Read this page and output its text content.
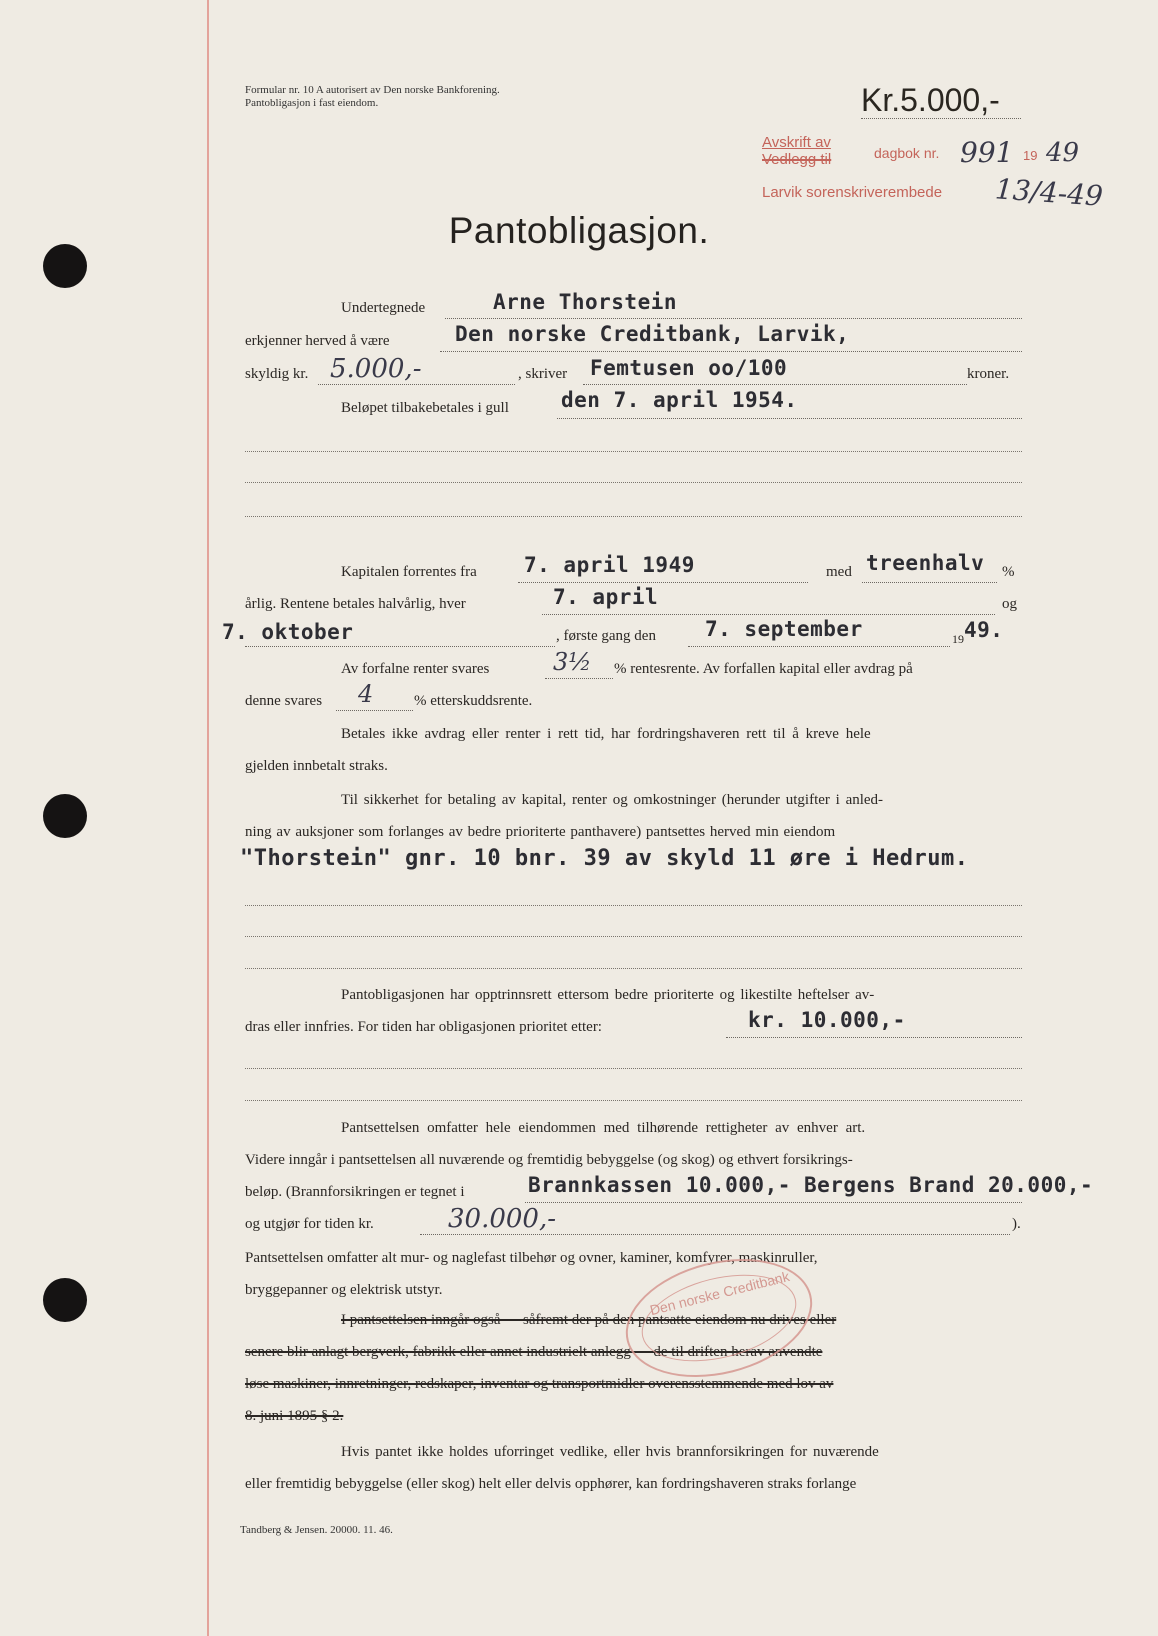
Formular nr. 10 A autorisert av Den norske Bankforening.
Pantobligasjon i fast eiendom.	Kr.5.000,-
Avskrift av
Vedlegg til	dagbok nr. 991 19 49
Larvik sorenskriverembede 13/4-49
Pantobligasjon.
Undertegnede	Arne Thorstein
erkjenner herved å være	Den norske Creditbank, Larvik,
skyldig kr. 5.000,-	, skriver Femtusen oo/100	kroner.
Beløpet tilbakebetales i gull den 7. april 1954.
Kapitalen forrentes fra 7. april 1949	med treenhalv %
årlig. Rentene betales halvårlig, hver	7. april	og
7. oktober	, første gang den 7. september	19 49.
Av forfalne renter svares	3½ % rentesrente. Av forfallen kapital eller avdrag på
denne svares 4	% etterskuddsrente.
Betales ikke avdrag eller renter i rett tid, har fordringshaveren rett til å kreve hele
gjelden innbetalt straks.
Til sikkerhet for betaling av kapital, renter og omkostninger (herunder utgifter i anled-
ning av auksjoner som forlanges av bedre prioriterte panthavere) pantsettes herved min eiendom
"Thorstein" gnr. 10 bnr. 39 av skyld 11 øre i Hedrum.
Pantobligasjonen har opptrinnsrett ettersom bedre prioriterte og likestilte heftelser av-
dras eller innfries. For tiden har obligasjonen prioritet etter:	kr. 10.000,-
Pantsettelsen omfatter hele eiendommen med tilhørende rettigheter av enhver art.
Videre inngår i pantsettelsen all nuværende og fremtidig bebyggelse (og skog) og ethvert forsikrings-
beløp. (Brannforsikringen er tegnet i	Brannkassen 10.000,- Bergens Brand 20.000,-
og utgjør for tiden kr.	30.000,-	).
Pantsettelsen omfatter alt mur- og naglefast tilbehør og ovner, kaminer, komfyrer, maskinruller,
bryggepanner og elektrisk utstyr.
I pantsettelsen inngår også — såfremt der på den pantsatte eiendom nu drives eller
senere blir anlagt bergverk, fabrikk eller annet industrielt anlegg — de til driften herav anvendte
løse maskiner, innretninger, redskaper, inventar og transportmidler overensstemmende med lov av
8. juni 1895 § 2.
Hvis pantet ikke holdes uforringet vedlike, eller hvis brannforsikringen for nuværende
eller fremtidig bebyggelse (eller skog) helt eller delvis opphører, kan fordringshaveren straks forlange
Den norske Creditbank
Tandberg & Jensen. 20000. 11. 46.
